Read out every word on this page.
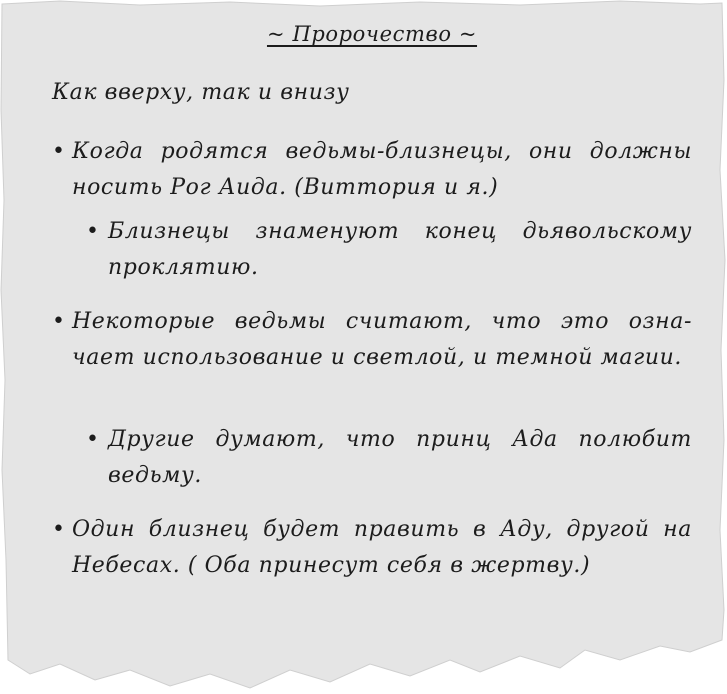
~ Пророчество ~
Как вверху, так и внизу
• Когда родятся ведьмы-близнецы, они должны носить Рог Аида. (Виттория и я.)
• Близнецы знаменуют конец дьявольскому проклятию.
• Некоторые ведьмы считают, что это озна- чает использование и светлой, и темной магии.
• Другие думают, что принц Ада полюбит ведьму.
• Один близнец будет править в Аду, другой на Небесах. ( Оба принесут себя в жертву.)
